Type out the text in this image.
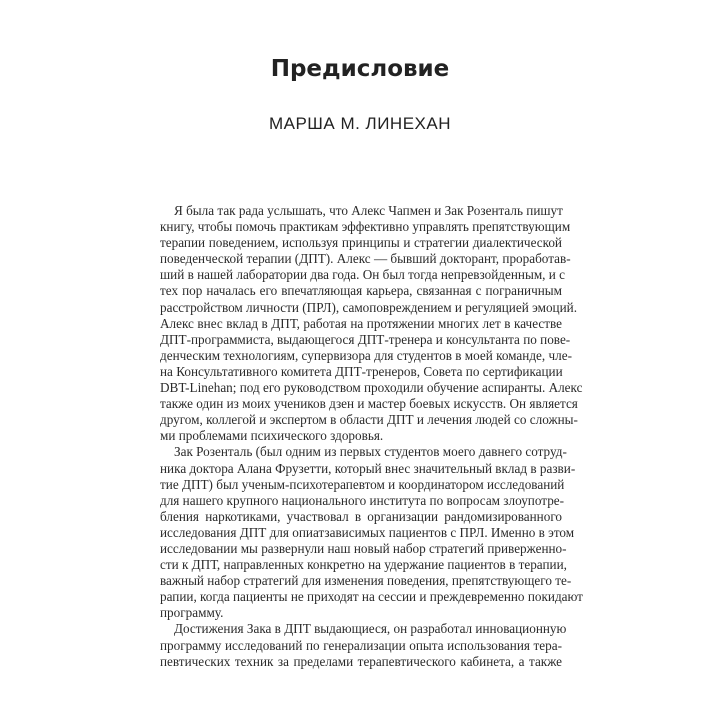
Предисловие
МАРША М. ЛИНЕХАН
Я была так рада услышать, что Алекс Чапмен и Зак Розенталь пишут
книгу, чтобы помочь практикам эффективно управлять препятствующим
терапии поведением, используя принципы и стратегии диалектической
поведенческой терапии (ДПТ). Алекс — бывший докторант, проработав-
ший в нашей лаборатории два года. Он был тогда непревзойденным, и с
тех пор началась его впечатляющая карьера, связанная с пограничным
расстройством личности (ПРЛ), самоповреждением и регуляцией эмоций.
Алекс внес вклад в ДПТ, работая на протяжении многих лет в качестве
ДПТ-программиста, выдающегося ДПТ-тренера и консультанта по пове-
денческим технологиям, супервизора для студентов в моей команде, чле-
на Консультативного комитета ДПТ-тренеров, Совета по сертификации
DBT-Linehan; под его руководством проходили обучение аспиранты. Алекс
также один из моих учеников дзен и мастер боевых искусств. Он является
другом, коллегой и экспертом в области ДПТ и лечения людей со сложны-
ми проблемами психического здоровья.
Зак Розенталь (был одним из первых студентов моего давнего сотруд-
ника доктора Алана Фрузетти, который внес значительный вклад в разви-
тие ДПТ) был ученым-психотерапевтом и координатором исследований
для нашего крупного национального института по вопросам злоупотре-
бления наркотиками, участвовал в организации рандомизированного
исследования ДПТ для опиатзависимых пациентов с ПРЛ. Именно в этом
исследовании мы развернули наш новый набор стратегий приверженно-
сти к ДПТ, направленных конкретно на удержание пациентов в терапии,
важный набор стратегий для изменения поведения, препятствующего те-
рапии, когда пациенты не приходят на сессии и преждевременно покидают
программу.
Достижения Зака в ДПТ выдающиеся, он разработал инновационную
программу исследований по генерализации опыта использования тера-
певтических техник за пределами терапевтического кабинета, а также
